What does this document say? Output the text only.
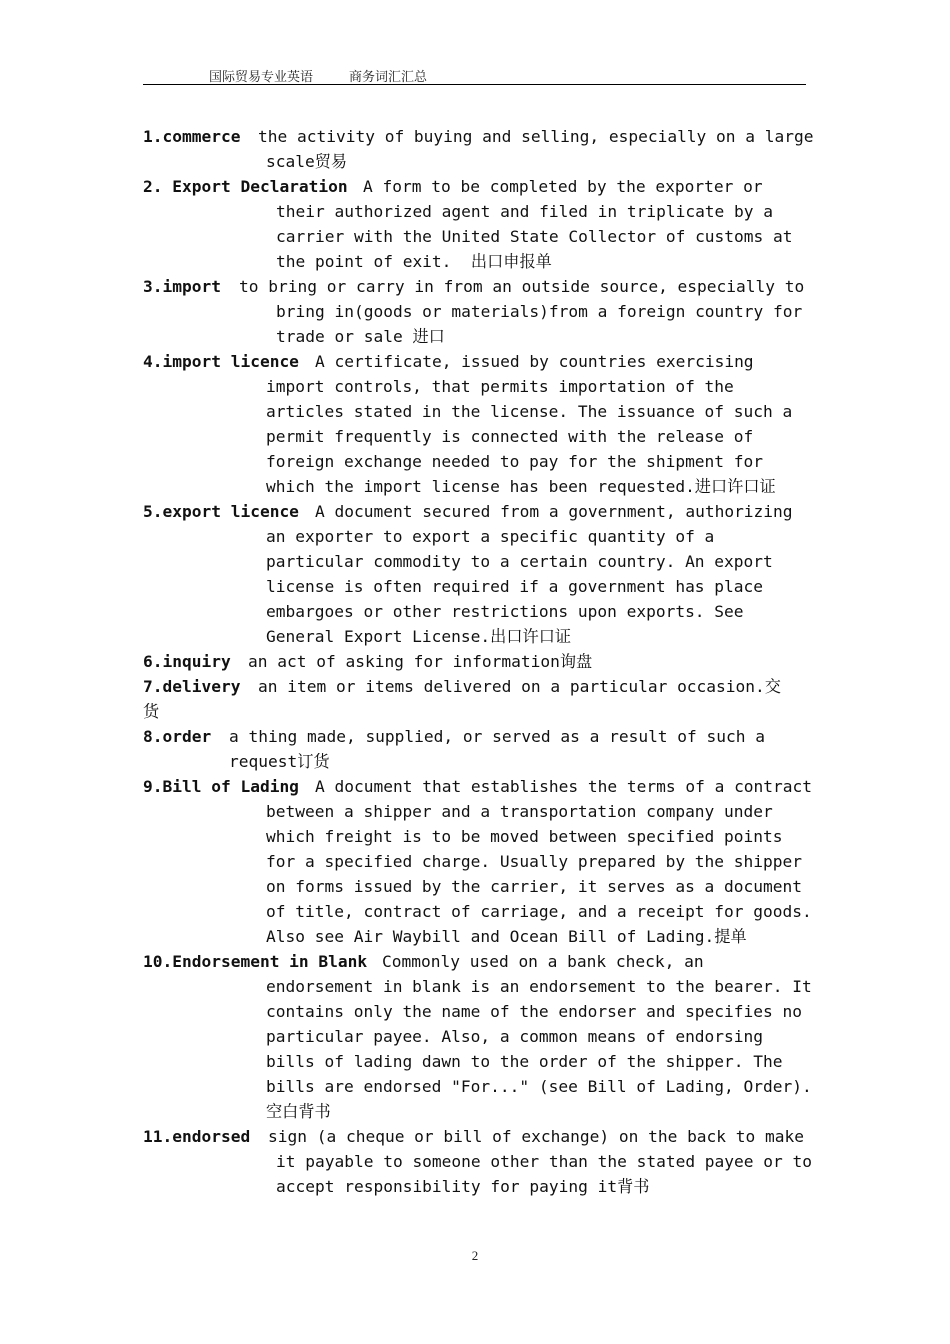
国际贸易专业英语	商务词汇汇总
1.commerce the activity of buying and selling, especially on a large
scale贸易
2. Export Declaration A form to be completed by the exporter or
their authorized agent and filed in triplicate by a
carrier with the United State Collector of customs at
the point of exit.  出口申报单
3.import to bring or carry in from an outside source, especially to
bring in(goods or materials)from a foreign country for
trade or sale 进口
4.import licence A certificate, issued by countries exercising
import controls, that permits importation of the
articles stated in the license. The issuance of such a
permit frequently is connected with the release of
foreign exchange needed to pay for the shipment for
which the import license has been requested.进口许口证
5.export licence A document secured from a government, authorizing
an exporter to export a specific quantity of a
particular commodity to a certain country. An export
license is often required if a government has place
embargoes or other restrictions upon exports. See
General Export License.出口许口证
6.inquiry an act of asking for information询盘
7.delivery an item or items delivered on a particular occasion.交
货
8.order a thing made, supplied, or served as a result of such a
request订货
9.Bill of Lading A document that establishes the terms of a contract
between a shipper and a transportation company under
which freight is to be moved between specified points
for a specified charge. Usually prepared by the shipper
on forms issued by the carrier, it serves as a document
of title, contract of carriage, and a receipt for goods.
Also see Air Waybill and Ocean Bill of Lading.提单
10.Endorsement in Blank Commonly used on a bank check, an
endorsement in blank is an endorsement to the bearer. It
contains only the name of the endorser and specifies no
particular payee. Also, a common means of endorsing
bills of lading dawn to the order of the shipper. The
bills are endorsed "For..." (see Bill of Lading, Order).
空白背书
11.endorsed sign (a cheque or bill of exchange) on the back to make
it payable to someone other than the stated payee or to
accept responsibility for paying it背书
2
